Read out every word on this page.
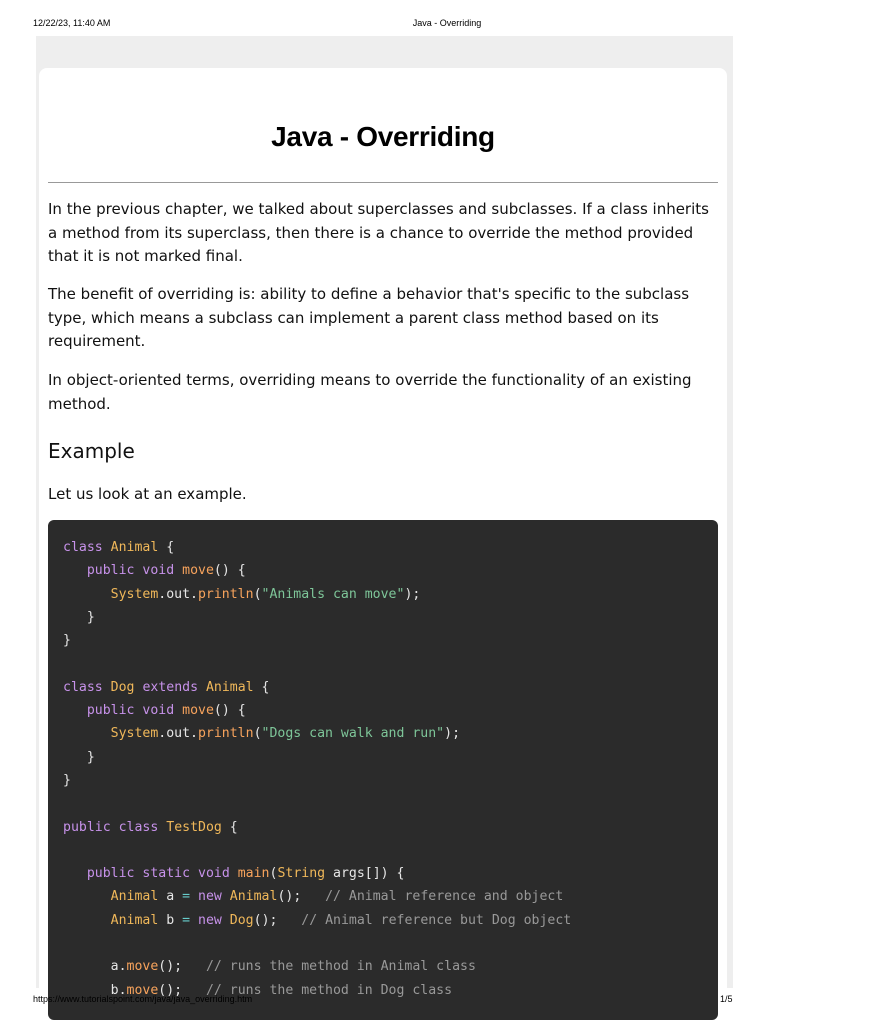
12/22/23, 11:40 AM	Java - Overriding
Java - Overriding

In the previous chapter, we talked about superclasses and subclasses. If a class inherits a method from its superclass, then there is a chance to override the method provided that it is not marked final.

The benefit of overriding is: ability to define a behavior that's specific to the subclass type, which means a subclass can implement a parent class method based on its requirement.

In object-oriented terms, overriding means to override the functionality of an existing method.

Example

Let us look at an example.

class Animal {
public void move() {
System.out.println("Animals can move");
}
}

class Dog extends Animal {
public void move() {
System.out.println("Dogs can walk and run");
}
}

public class TestDog {

public static void main(String args[]) {
Animal a = new Animal();   // Animal reference and object
Animal b = new Dog();   // Animal reference but Dog object

a.move();   // runs the method in Animal class
b.move();   // runs the method in Dog class
https://www.tutorialspoint.com/java/java_overriding.htm	1/5
